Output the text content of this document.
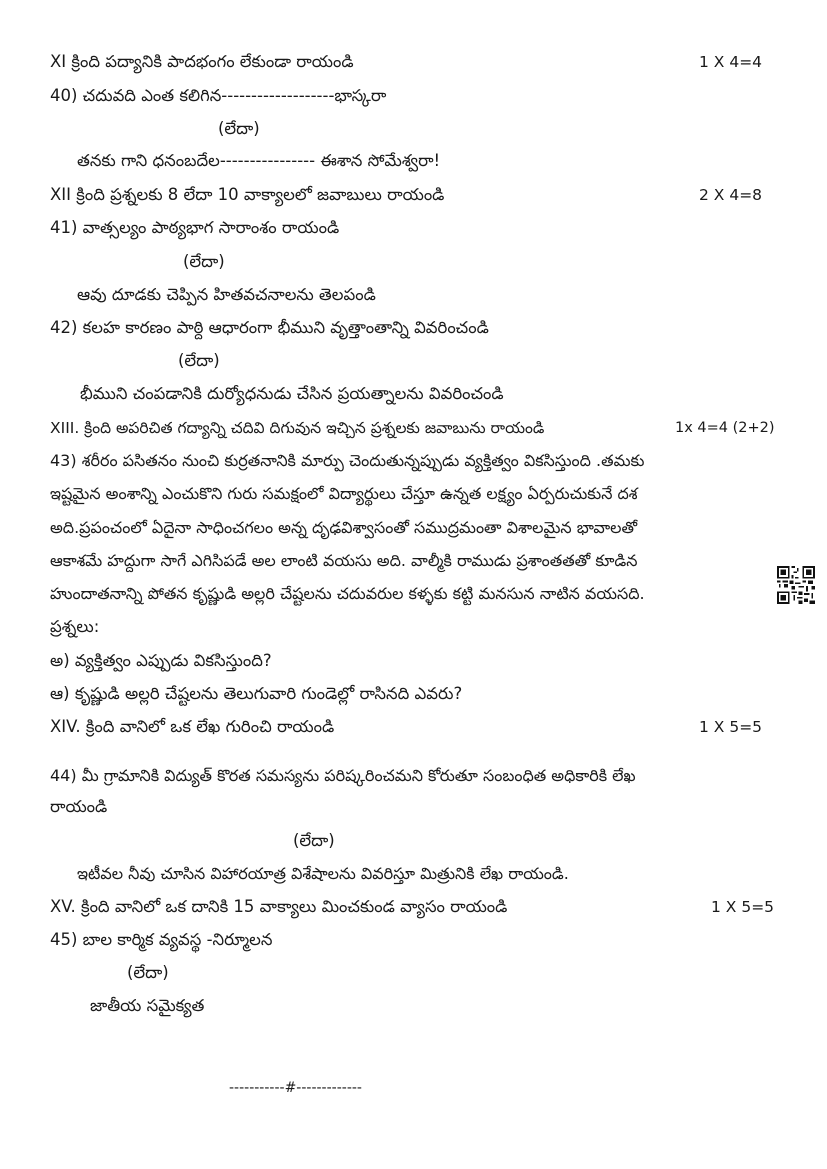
XI క్రింది పద్యానికి పాదభంగం లేకుండా రాయండి	1 X 4=4
40) చదువది ఎంత కలిగిన-------------------భాస్కరా
(లేదా)
తనకు గాని ధనంబదేల---------------- ఈశాన సోమేశ్వరా!
XII క్రింది ప్రశ్నలకు 8 లేదా 10 వాక్యాలలో జవాబులు రాయండి	2 X 4=8
41) వాత్సల్యం పాఠ్యభాగ సారాంశం రాయండి
(లేదా)
ఆవు దూడకు చెప్పిన హితవచనాలను తెలపండి
42) కలహ కారణం పాఠ్ది ఆధారంగా భీముని వృత్తాంతాన్ని వివరించండి
(లేదా)
భీముని చంపడానికి దుర్యోధనుడు చేసిన ప్రయత్నాలను వివరించండి
XIII. క్రింది అపరిచిత గద్యాన్ని చదివి దిగువున ఇచ్చిన ప్రశ్నలకు జవాబును రాయండి	1x 4=4 (2+2)
43) శరీరం పసితనం నుంచి కుర్రతనానికి మార్పు చెందుతున్నప్పుడు వ్యక్తిత్వం వికసిస్తుంది .తమకు
ఇష్టమైన అంశాన్ని ఎంచుకొని గురు సమక్షంలో విద్యార్థులు చేస్తూ ఉన్నత లక్ష్యం ఏర్పరుచుకునే దశ
అది.ప్రపంచంలో ఏదైనా సాధించగలం అన్న దృఢవిశ్వాసంతో సముద్రమంతా విశాలమైన భావాలతో
ఆకాశమే హద్దుగా సాగే ఎగిసిపడే అల లాంటి వయసు అది. వాల్మీకి రాముడు ప్రశాంతతతో కూడిన
హుందాతనాన్ని పోతన కృష్ణుడి అల్లరి చేష్టలను చదువరుల కళ్ళకు కట్టి మనసున నాటిన వయసది.
ప్రశ్నలు:
అ) వ్యక్తిత్వం ఎప్పుడు వికసిస్తుంది?
ఆ) కృష్ణుడి అల్లరి చేష్టలను తెలుగువారి గుండెల్లో రాసినది ఎవరు?
XIV. క్రింది వానిలో ఒక లేఖ గురించి రాయండి	1 X 5=5
44) మీ గ్రామానికి విద్యుత్ కొరత సమస్యను పరిష్కరించమని కోరుతూ సంబంధిత అధికారికి లేఖ
రాయండి
(లేదా)
ఇటీవల నీవు చూసిన విహారయాత్ర విశేషాలను వివరిస్తూ మిత్రునికి లేఖ రాయండి.
XV. క్రింది వానిలో ఒక దానికి 15 వాక్యాలు మించకుండ వ్యాసం రాయండి	1 X 5=5
45) బాల కార్మిక వ్యవస్థ -నిర్మూలన
(లేదా)
జాతీయ సమైక్యత
-----------#-------------
